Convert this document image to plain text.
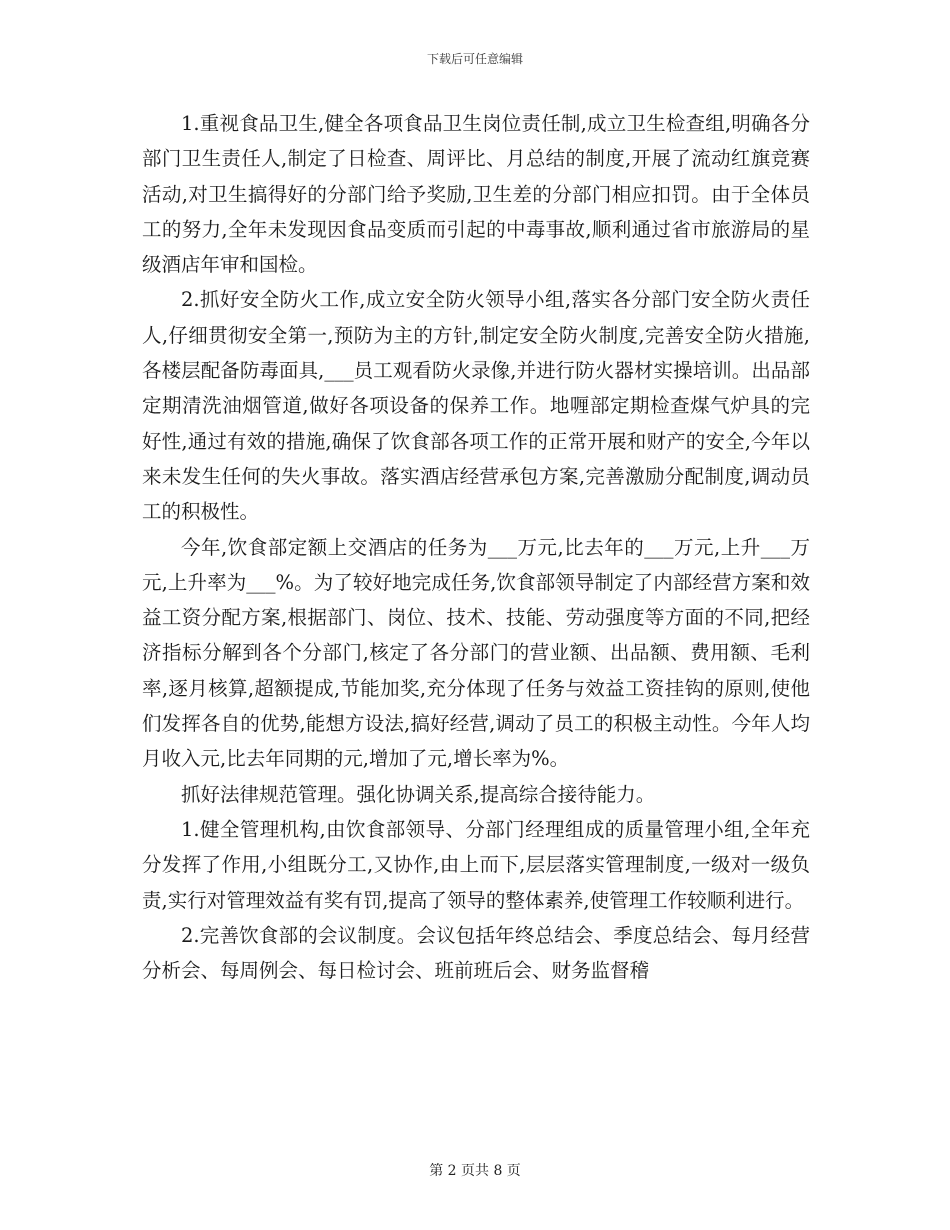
下载后可任意编辑

1.重视食品卫生,健全各项食品卫生岗位责任制,成立卫生检查组,明确各分部门卫生责任人,制定了日检查、周评比、月总结的制度,开展了流动红旗竞赛活动,对卫生搞得好的分部门给予奖励,卫生差的分部门相应扣罚。由于全体员工的努力,全年未发现因食品变质而引起的中毒事故,顺利通过省市旅游局的星级酒店年审和国检。

2.抓好安全防火工作,成立安全防火领导小组,落实各分部门安全防火责任人,仔细贯彻安全第一,预防为主的方针,制定安全防火制度,完善安全防火措施,各楼层配备防毒面具,___员工观看防火录像,并进行防火器材实操培训。出品部定期清洗油烟管道,做好各项设备的保养工作。地喱部定期检查煤气炉具的完好性,通过有效的措施,确保了饮食部各项工作的正常开展和财产的安全,今年以来未发生任何的失火事故。落实酒店经营承包方案,完善激励分配制度,调动员工的积极性。

今年,饮食部定额上交酒店的任务为___万元,比去年的___万元,上升___万元,上升率为___%。为了较好地完成任务,饮食部领导制定了内部经营方案和效益工资分配方案,根据部门、岗位、技术、技能、劳动强度等方面的不同,把经济指标分解到各个分部门,核定了各分部门的营业额、出品额、费用额、毛利率,逐月核算,超额提成,节能加奖,充分体现了任务与效益工资挂钩的原则,使他们发挥各自的优势,能想方设法,搞好经营,调动了员工的积极主动性。今年人均月收入元,比去年同期的元,增加了元,增长率为%。

抓好法律规范管理。强化协调关系,提高综合接待能力。

1.健全管理机构,由饮食部领导、分部门经理组成的质量管理小组,全年充分发挥了作用,小组既分工,又协作,由上而下,层层落实管理制度,一级对一级负责,实行对管理效益有奖有罚,提高了领导的整体素养,使管理工作较顺利进行。

2.完善饮食部的会议制度。会议包括年终总结会、季度总结会、每月经营分析会、每周例会、每日检讨会、班前班后会、财务监督稽

第 2 页共 8 页
